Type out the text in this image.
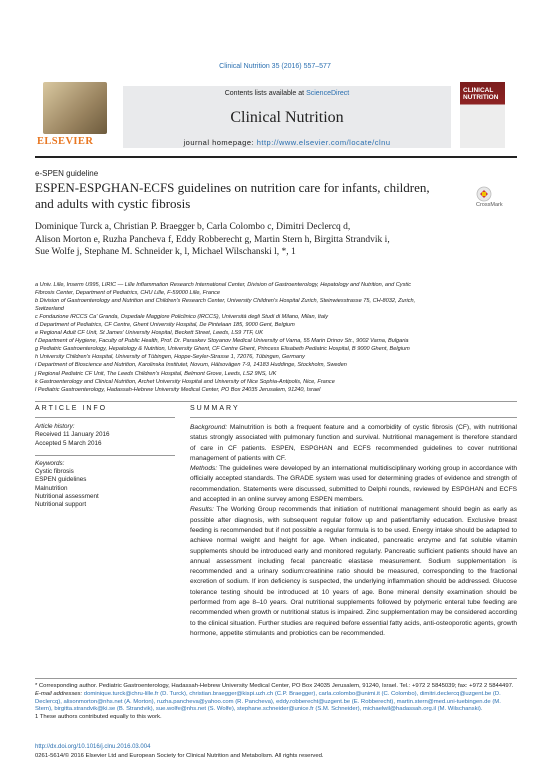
Clinical Nutrition 35 (2016) 557–577
ELSEVIER
Contents lists available at ScienceDirect
Clinical Nutrition
journal homepage: http://www.elsevier.com/locate/clnu
CLINICAL
NUTRITION
e-SPEN guideline
ESPEN-ESPGHAN-ECFS guidelines on nutrition care for infants, children, and adults with cystic fibrosis	CrossMark
Dominique Turck a, Christian P. Braegger b, Carla Colombo c, Dimitri Declercq d,
Alison Morton e, Ruzha Pancheva f, Eddy Robberecht g, Martin Stern h, Birgitta Strandvik i,
Sue Wolfe j, Stephane M. Schneider k, l, Michael Wilschanski l, *, 1
a Univ. Lille, Inserm U995, LIRIC — Lille Inflammation Research International Center, Division of Gastroenterology, Hepatology and Nutrition, and Cystic
Fibrosis Center, Department of Pediatrics, CHU Lille, F-59000 Lille, France
b Division of Gastroenterology and Nutrition and Children's Research Center, University Children's Hospital Zurich, Steinwiesstrasse 75, CH-8032, Zurich,
Switzerland
c Fondazione IRCCS Ca' Granda, Ospedale Maggiore Policlinico (IRCCS), Università degli Studi di Milano, Milan, Italy
d Department of Pediatrics, CF Centre, Ghent University Hospital, De Pintelaan 185, 9000 Gent, Belgium
e Regional Adult CF Unit, St James' University Hospital, Beckett Street, Leeds, LS9 7TF, UK
f Department of Hygiene, Faculty of Public Health, Prof. Dr. Paraskev Stoyanov Medical University of Varna, 55 Marin Drinov Str., 9002 Varna, Bulgaria
g Pediatric Gastroenterology, Hepatology & Nutrition, University Ghent, CF Centre Ghent, Princess Elisabeth Pediatric Hospital, B 9000 Ghent, Belgium
h University Children's Hospital, University of Tübingen, Hoppe-Seyler-Strasse 1, 72076, Tübingen, Germany
i Department of Bioscience and Nutrition, Karolinska Institutet, Novum, Hälsovägen 7-9, 14183 Huddinge, Stockholm, Sweden
j Regional Pediatric CF Unit, The Leeds Children's Hospital, Belmont Grove, Leeds, LS2 9NS, UK
k Gastroenterology and Clinical Nutrition, Archet University Hospital and University of Nice Sophia-Antipolis, Nice, France
l Pediatric Gastroenterology, Hadassah-Hebrew University Medical Center, PO Box 24035 Jerusalem, 91240, Israel
ARTICLE INFO	SUMMARY
Article history:
Received 11 January 2016
Accepted 5 March 2016
Keywords:
Cystic fibrosis
ESPEN guidelines
Malnutrition
Nutritional assessment
Nutritional support
Background: Malnutrition is both a frequent feature and a comorbidity of cystic fibrosis (CF), with nutritional status strongly associated with pulmonary function and survival. Nutritional management is therefore standard of care in CF patients. ESPEN, ESPGHAN and ECFS recommended guidelines to cover nutritional management of patients with CF.
Methods: The guidelines were developed by an international multidisciplinary working group in accordance with officially accepted standards. The GRADE system was used for determining grades of evidence and strength of recommendation. Statements were discussed, submitted to Delphi rounds, reviewed by ESPGHAN and ECFS and accepted in an online survey among ESPEN members.
Results: The Working Group recommends that initiation of nutritional management should begin as early as possible after diagnosis, with subsequent regular follow up and patient/family education. Exclusive breast feeding is recommended but if not possible a regular formula is to be used. Energy intake should be adapted to achieve normal weight and height for age. When indicated, pancreatic enzyme and fat soluble vitamin supplements should be introduced early and monitored regularly. Pancreatic sufficient patients should have an annual assessment including fecal pancreatic elastase measurement. Sodium supplementation is recommended and a urinary sodium:creatinine ratio should be measured, corresponding to the fractional excretion of sodium. If iron deficiency is suspected, the underlying inflammation should be addressed. Glucose tolerance testing should be introduced at 10 years of age. Bone mineral density examination should be performed from age 8–10 years. Oral nutritional supplements followed by polymeric enteral tube feeding are recommended when growth or nutritional status is impaired. Zinc supplementation may be considered according to the clinical situation. Further studies are required before essential fatty acids, anti-osteoporotic agents, growth hormone, appetite stimulants and probiotics can be recommended.
* Corresponding author. Pediatric Gastroenterology, Hadassah-Hebrew University Medical Center, PO Box 24035 Jerusalem, 91240, Israel. Tel.: +972 2 5845039; fax: +972 2 5844497.
E-mail addresses: dominique.turck@chru-lille.fr (D. Turck), christian.braegger@kispi.uzh.ch (C.P. Braegger), carla.colombo@unimi.it (C. Colombo), dimitri.declercq@uzgent.be (D. Declercq), alisonmorton@nhs.net (A. Morton), ruzha.pancheva@yahoo.com (R. Pancheva), eddy.robberecht@uzgent.be (E. Robberecht), martin.stern@med.uni-tuebingen.de (M. Stern), birgitta.strandvik@ki.se (B. Strandvik), sue.wolfe@nhs.net (S. Wolfe), stephane.schneider@unice.fr (S.M. Schneider), michaelwil@hadassah.org.il (M. Wilschanski).
1 These authors contributed equally to this work.
http://dx.doi.org/10.1016/j.clnu.2016.03.004
0261-5614/© 2016 Elsevier Ltd and European Society for Clinical Nutrition and Metabolism. All rights reserved.
